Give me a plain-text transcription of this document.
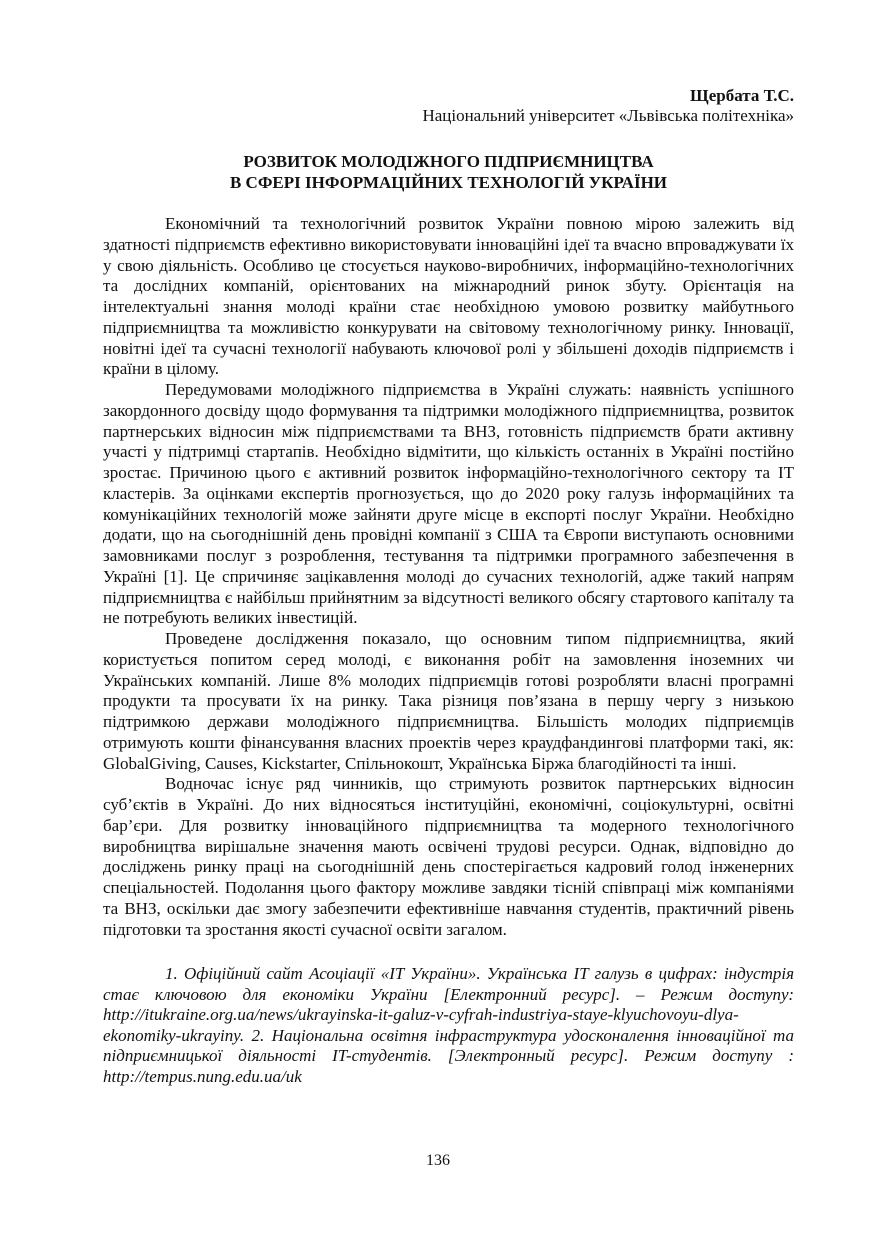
Щербата Т.С.
Національний університет «Львівська політехніка»
РОЗВИТОК МОЛОДІЖНОГО ПІДПРИЄМНИЦТВА
В СФЕРІ ІНФОРМАЦІЙНИХ ТЕХНОЛОГІЙ УКРАЇНИ

Економічний та технологічний розвиток України повною мірою залежить від здатності підприємств ефективно використовувати інноваційні ідеї та вчасно впроваджувати їх у свою діяльність. Особливо це стосується науково-виробничих, інформаційно-технологічних та дослідних компаній, орієнтованих на міжнародний ринок збуту. Орієнтація на інтелектуальні знання молоді країни стає необхідною умовою розвитку майбутнього підприємництва та можливістю конкурувати на світовому технологічному ринку. Інновації, новітні ідеї та сучасні технології набувають ключової ролі у збільшені доходів підприємств і країни в цілому.

Передумовами молодіжного підприємства в Україні служать: наявність успішного закордонного досвіду щодо формування та підтримки молодіжного підприємництва, розвиток партнерських відносин між підприємствами та ВНЗ, готовність підприємств брати активну участі у підтримці стартапів. Необхідно відмітити, що кількість останніх в Україні постійно зростає. Причиною цього є активний розвиток інформаційно-технологічного сектору та ІТ кластерів. За оцінками експертів прогнозується, що до 2020 року галузь інформаційних та комунікаційних технологій може зайняти друге місце в експорті послуг України. Необхідно додати, що на сьогоднішній день провідні компанії з США та Європи виступають основними замовниками послуг з розроблення, тестування та підтримки програмного забезпечення в Україні [1]. Це спричиняє зацікавлення молоді до сучасних технологій, адже такий напрям підприємництва є найбільш прийнятним за відсутності великого обсягу стартового капіталу та не потребують великих інвестицій.

Проведене дослідження показало, що основним типом підприємництва, який користується попитом серед молоді, є виконання робіт на замовлення іноземних чи Українських компаній. Лише 8% молодих підприємців готові розробляти власні програмні продукти та просувати їх на ринку. Така різниця пов’язана в першу чергу з низькою підтримкою держави молодіжного підприємництва. Більшість молодих підприємців отримують кошти фінансування власних проектів через краудфандингові платформи такі, як: GlobalGiving, Causes, Kickstarter, Спільнокошт, Українська Біржа благодійності та інші.

Водночас існує ряд чинників, що стримують розвиток партнерських відносин суб’єктів в Україні. До них відносяться інституційні, економічні, соціокультурні, освітні бар’єри. Для розвитку інноваційного підприємництва та модерного технологічного виробництва вирішальне значення мають освічені трудові ресурси. Однак, відповідно до досліджень ринку праці на сьогоднішній день спостерігається кадровий голод інженерних спеціальностей. Подолання цього фактору можливе завдяки тісній співпраці між компаніями та ВНЗ, оскільки дає змогу забезпечити ефективніше навчання студентів, практичний рівень підготовки та зростання якості сучасної освіти загалом.

1. Офіційний сайт Асоціації «IT України». Українська IT галузь в цифрах: індустрія стає ключовою для економіки України [Електронний ресурс]. – Режим доступу: http://itukraine.org.ua/news/ukrayinska-it-galuz-v-cyfrah-industriya-staye-klyuchovoyu-dlya-ekonomiky-ukrayiny. 2. Національна освітня інфраструктура удосконалення інноваційної та підприємницької діяльності IT-студентів. [Электронный ресурс]. Режим доступу : http://tempus.nung.edu.ua/uk
136
